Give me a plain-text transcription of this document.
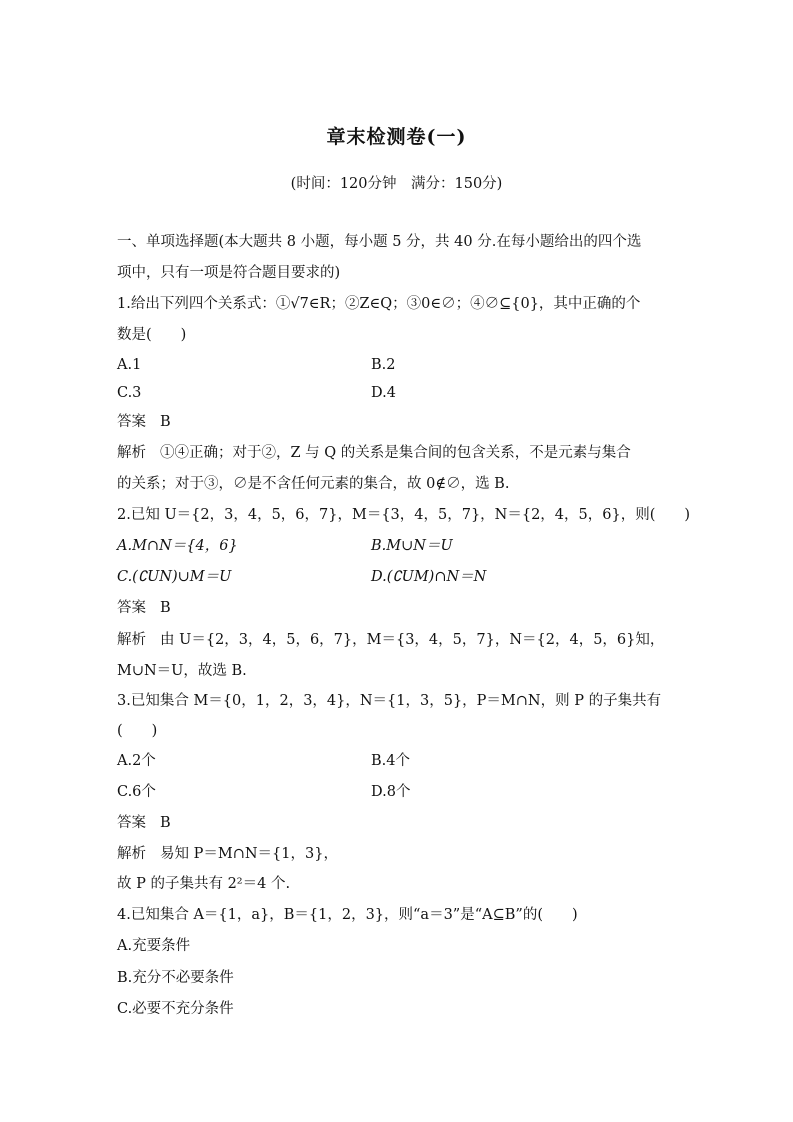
章末检测卷(一)
(时间：120分钟　满分：150分)
一、单项选择题(本大题共 8 小题，每小题 5 分，共 40 分.在每小题给出的四个选
项中，只有一项是符合题目要求的)
1.给出下列四个关系式：①√7∈R；②Z∈Q；③0∈∅；④∅⊆{0}，其中正确的个
数是(　　)
A.1	B.2
C.3	D.4
答案 B
解析 ①④正确；对于②，Z 与 Q 的关系是集合间的包含关系，不是元素与集合
的关系；对于③，∅是不含任何元素的集合，故 0∉∅，选 B.
2.已知 U＝{2，3，4，5，6，7}，M＝{3，4，5，7}，N＝{2，4，5，6}，则(　　)
A.M∩N＝{4，6}	B.M∪N＝U
C.(∁UN)∪M＝U	D.(∁UM)∩N＝N
答案 B
解析 由 U＝{2，3，4，5，6，7}，M＝{3，4，5，7}，N＝{2，4，5，6}知，
M∪N＝U，故选 B.
3.已知集合 M＝{0，1，2，3，4}，N＝{1，3，5}，P＝M∩N，则 P 的子集共有
(　　)
A.2个	B.4个
C.6个	D.8个
答案 B
解析 易知 P＝M∩N＝{1，3}，
故 P 的子集共有 2²＝4 个.
4.已知集合 A＝{1，a}，B＝{1，2，3}，则“a＝3”是“A⊆B”的(　　)
A.充要条件
B.充分不必要条件
C.必要不充分条件
